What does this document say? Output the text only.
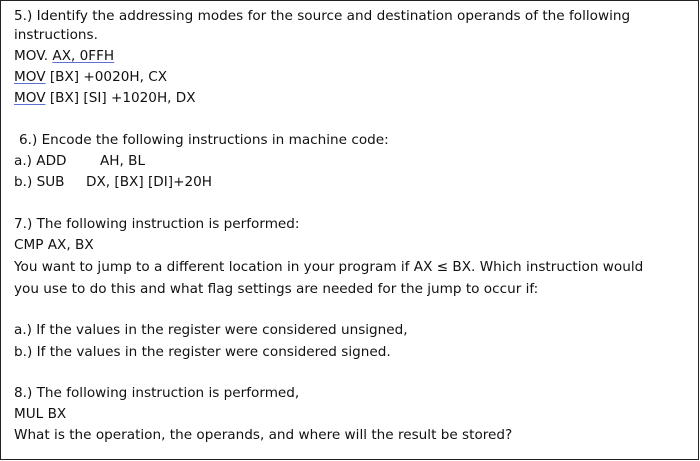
5.) Identify the addressing modes for the source and destination operands of the following
instructions.
MOV. AX, 0FFH
MOV [BX] +0020H, CX
MOV [BX] [SI] +1020H, DX
6.) Encode the following instructions in machine code:
a.) ADD AH, BL
b.) SUB DX, [BX] [DI]+20H
7.) The following instruction is performed:
CMP AX, BX
You want to jump to a different location in your program if AX ≤ BX. Which instruction would
you use to do this and what flag settings are needed for the jump to occur if:
a.) If the values in the register were considered unsigned,
b.) If the values in the register were considered signed.
8.) The following instruction is performed,
MUL BX
What is the operation, the operands, and where will the result be stored?
